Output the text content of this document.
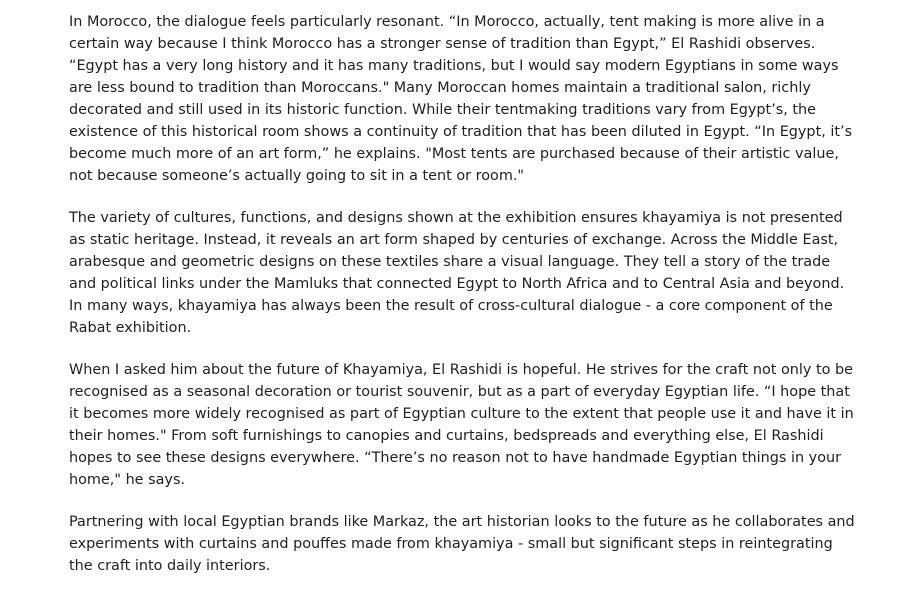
In Morocco, the dialogue feels particularly resonant. “In Morocco, actually, tent making is more alive in a certain way because I think Morocco has a stronger sense of tradition than Egypt,” El Rashidi observes. “Egypt has a very long history and it has many traditions, but I would say modern Egyptians in some ways are less bound to tradition than Moroccans." Many Moroccan homes maintain a traditional salon, richly decorated and still used in its historic function. While their tentmaking traditions vary from Egypt’s, the existence of this historical room shows a continuity of tradition that has been diluted in Egypt. “In Egypt, it’s become much more of an art form,” he explains. "Most tents are purchased because of their artistic value, not because someone’s actually going to sit in a tent or room."

The variety of cultures, functions, and designs shown at the exhibition ensures khayamiya is not presented as static heritage. Instead, it reveals an art form shaped by centuries of exchange. Across the Middle East, arabesque and geometric designs on these textiles share a visual language. They tell a story of the trade and political links under the Mamluks that connected Egypt to North Africa and to Central Asia and beyond. In many ways, khayamiya has always been the result of cross-cultural dialogue - a core component of the Rabat exhibition.

When I asked him about the future of Khayamiya, El Rashidi is hopeful. He strives for the craft not only to be recognised as a seasonal decoration or tourist souvenir, but as a part of everyday Egyptian life. “I hope that it becomes more widely recognised as part of Egyptian culture to the extent that people use it and have it in their homes." From soft furnishings to canopies and curtains, bedspreads and everything else, El Rashidi hopes to see these designs everywhere. “There’s no reason not to have handmade Egyptian things in your home," he says.

Partnering with local Egyptian brands like Markaz, the art historian looks to the future as he collaborates and experiments with curtains and pouffes made from khayamiya - small but significant steps in reintegrating the craft into daily interiors.
